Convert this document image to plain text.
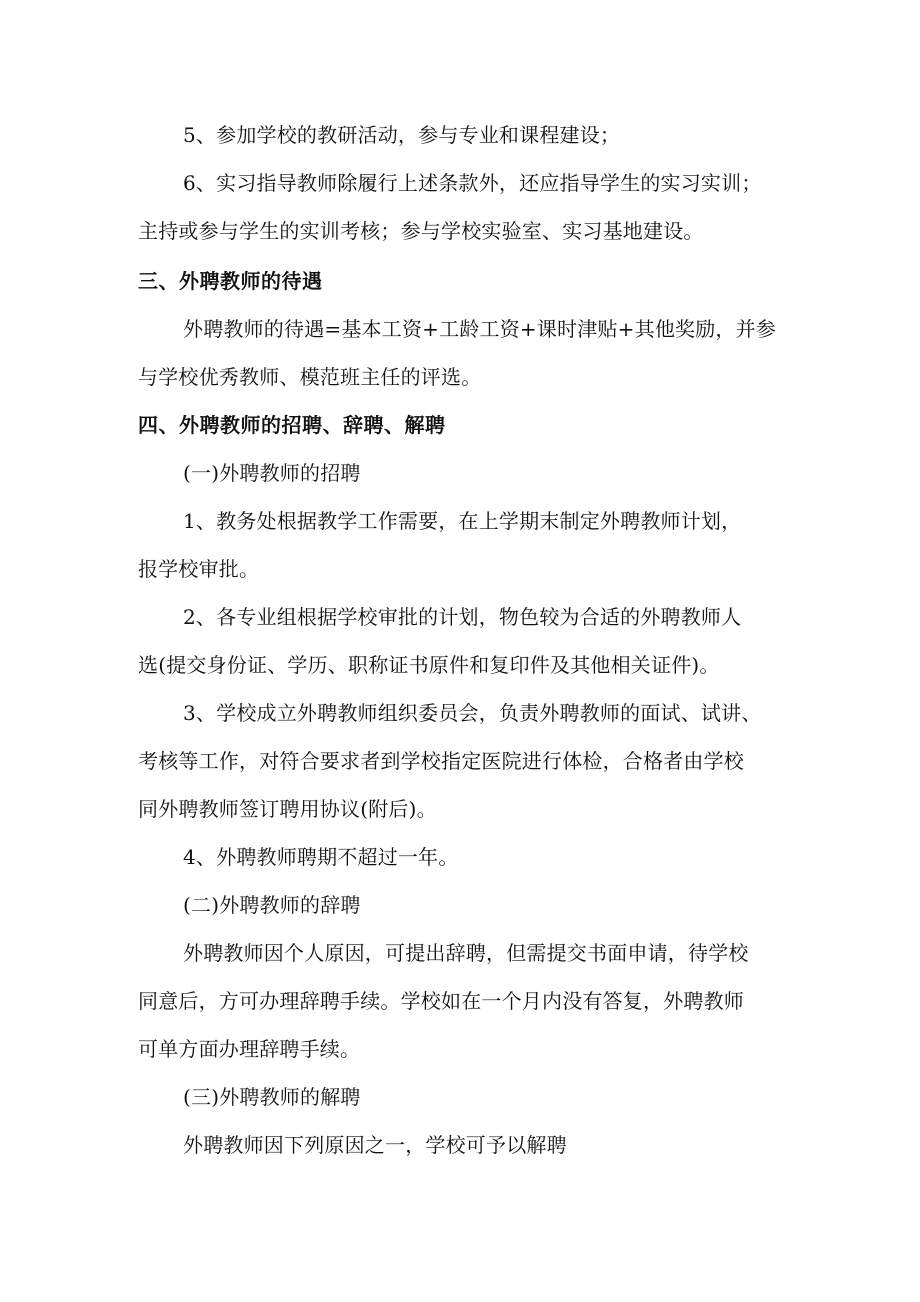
5、参加学校的教研活动，参与专业和课程建设；
6、实习指导教师除履行上述条款外，还应指导学生的实习实训；
主持或参与学生的实训考核；参与学校实验室、实习基地建设。
三、外聘教师的待遇
外聘教师的待遇=基本工资+工龄工资+课时津贴+其他奖励，并参
与学校优秀教师、模范班主任的评选。
四、外聘教师的招聘、辞聘、解聘
(一)外聘教师的招聘
1、教务处根据教学工作需要，在上学期末制定外聘教师计划，
报学校审批。
2、各专业组根据学校审批的计划，物色较为合适的外聘教师人
选(提交身份证、学历、职称证书原件和复印件及其他相关证件)。
3、学校成立外聘教师组织委员会，负责外聘教师的面试、试讲、
考核等工作，对符合要求者到学校指定医院进行体检，合格者由学校
同外聘教师签订聘用协议(附后)。
4、外聘教师聘期不超过一年。
(二)外聘教师的辞聘
外聘教师因个人原因，可提出辞聘，但需提交书面申请，待学校
同意后，方可办理辞聘手续。学校如在一个月内没有答复，外聘教师
可单方面办理辞聘手续。
(三)外聘教师的解聘
外聘教师因下列原因之一，学校可予以解聘
